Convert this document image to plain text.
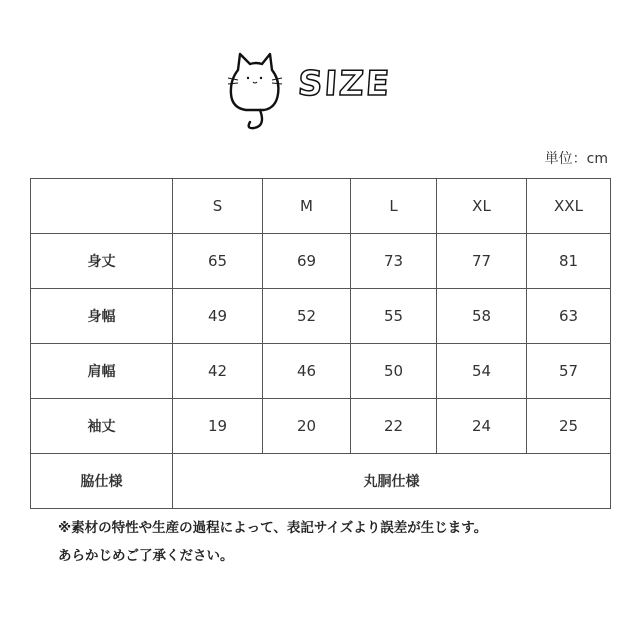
SIZE
単位：cm
	S	M	L	XL	XXL
身丈	65	69	73	77	81
身幅	49	52	55	58	63
肩幅	42	46	50	54	57
袖丈	19	20	22	24	25
脇仕様	丸胴仕様				
※素材の特性や生産の過程によって、表記サイズより誤差が生じます。
あらかじめご了承ください。
